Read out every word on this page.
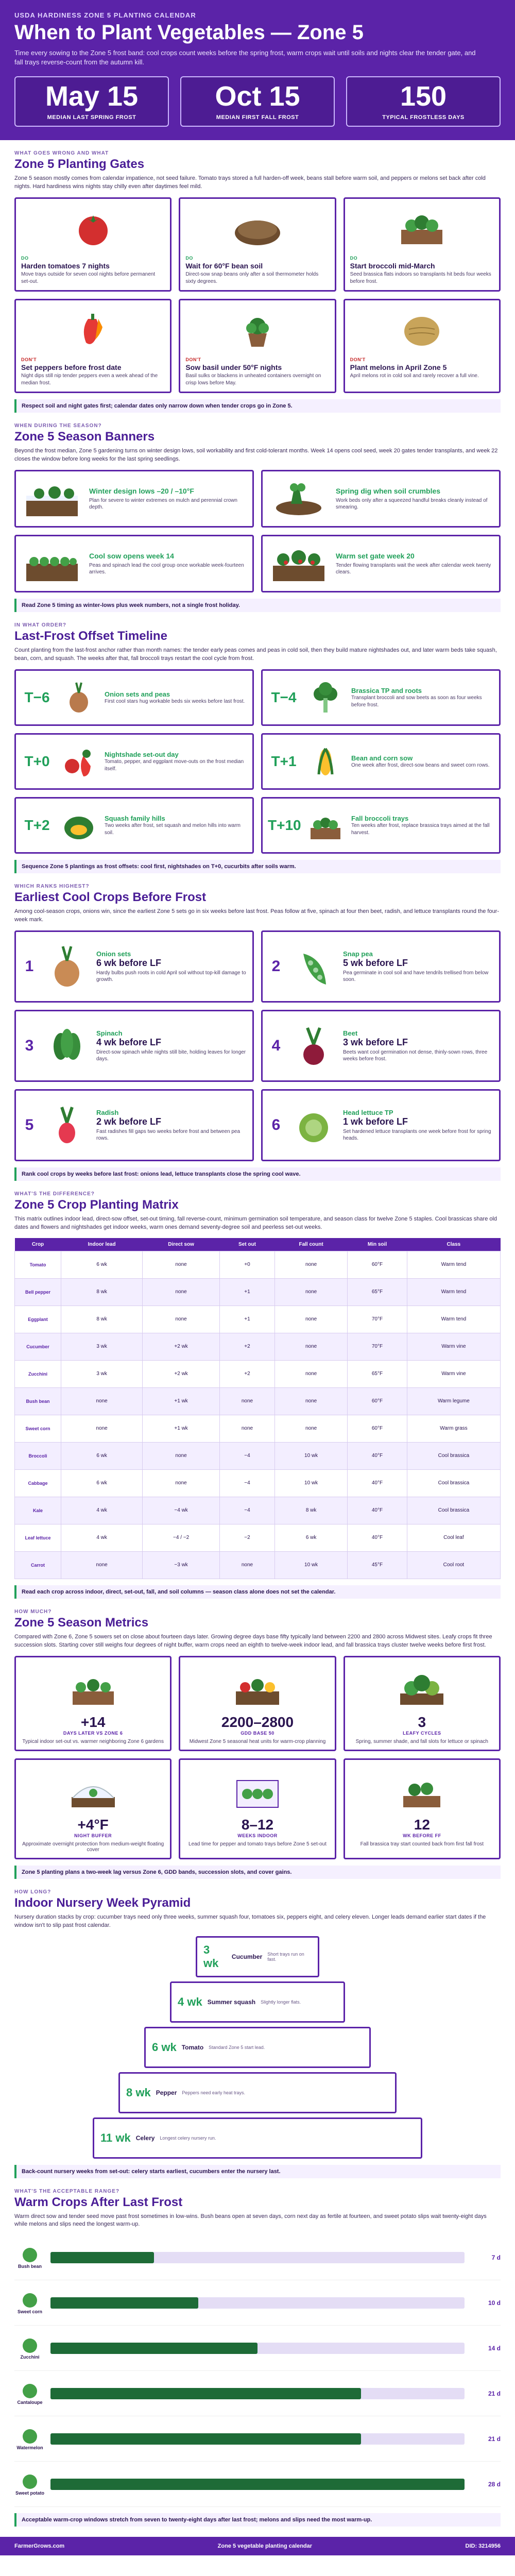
USDA HARDINESS ZONE 5 PLANTING CALENDAR
When to Plant Vegetables — Zone 5

Time every sowing to the Zone 5 frost band: cool crops count weeks before the spring frost, warm crops wait until soils and nights clear the tender gate, and fall trays reverse-count from the autumn kill.

May 15
MEDIAN LAST SPRING FROST
Oct 15
MEDIAN FIRST FALL FROST
150
TYPICAL FROSTLESS DAYS
WHAT GOES WRONG AND WHAT
Zone 5 Planting Gates
Zone 5 season mostly comes from calendar impatience, not seed failure. Tomato trays stored a full harden-off week, beans stall before warm soil, and peppers or melons set back after cold nights. Hard hardiness wins nights stay chilly even after daytimes feel mild.
DO
Harden tomatoes 7 nights
Move trays outside for seven cool nights before permanent set-out.
DO
Wait for 60°F bean soil
Direct-sow snap beans only after a soil thermometer holds sixty degrees.
DO
Start broccoli mid-March
Seed brassica flats indoors so transplants hit beds four weeks before frost.
DON'T
Set peppers before frost date
Night dips still nip tender peppers even a week ahead of the median frost.
DON'T
Sow basil under 50°F nights
Basil sulks or blackens in unheated containers overnight on crisp lows before May.
DON'T
Plant melons in April Zone 5
April melons rot in cold soil and rarely recover a full vine.
Respect soil and night gates first; calendar dates only narrow down when tender crops go in Zone 5.
WHEN DURING THE SEASON?
Zone 5 Season Banners
Beyond the frost median, Zone 5 gardening turns on winter design lows, soil workability and first cold-tolerant months. Week 14 opens cool seed, week 20 gates tender transplants, and week 22 closes the window before long weeks for the last spring seedlings.
Winter design lows –20 / –10°F
Plan for severe to winter extremes on mulch and perennial crown depth.
Spring dig when soil crumbles
Work beds only after a squeezed handful breaks cleanly instead of smearing.
Cool sow opens week 14
Peas and spinach lead the cool group once workable week-fourteen arrives.
Warm set gate week 20
Tender flowing transplants wait the week after calendar week twenty clears.
Read Zone 5 timing as winter-lows plus week numbers, not a single frost holiday.
IN WHAT ORDER?
Last-Frost Offset Timeline
Count planting from the last-frost anchor rather than month names: the tender early peas comes and peas in cold soil, then they build mature nightshades out, and later warm beds take squash, bean, corn, and squash. The weeks after that, fall broccoli trays restart the cool cycle from frost.
T−6	Onion sets and peas
First cool stars hug workable beds six weeks before last frost. T−4	Brassica TP and roots
Transplant broccoli and sow beets as soon as four weeks before frost.
T+0	Nightshade set-out day
Tomato, pepper, and eggplant move-outs on the frost median itself.	T+1	Bean and corn sow
One week after frost, direct-sow beans and sweet corn rows.
T+2	Squash family hills
Two weeks after frost, set squash and melon hills into warm soil.	T+10	Fall broccoli trays
Ten weeks after frost, replace brassica trays aimed at the fall harvest.
Sequence Zone 5 plantings as frost offsets: cool first, nightshades on T+0, cucurbits after soils warm.
WHICH RANKS HIGHEST?
Earliest Cool Crops Before Frost
Among cool-season crops, onions win, since the earliest Zone 5 sets go in six weeks before last frost. Peas follow at five, spinach at four then beet, radish, and lettuce transplants round the four-week mark.
1
Onion sets
6 wk before LF
Hardy bulbs push roots in cold April soil without top-kill damage to growth.
2
Snap pea
5 wk before LF
Pea germinate in cool soil and have tendrils trellised from below soon.
3
Spinach
4 wk before LF
Direct-sow spinach while nights still bite, holding leaves for longer days.
4
Beet
3 wk before LF
Beets want cool germination not dense, thinly-sown rows, three weeks before frost.
5
Radish
2 wk before LF
Fast radishes fill gaps two weeks before frost and between pea rows.
6
Head lettuce TP
1 wk before LF
Set hardened lettuce transplants one week before frost for spring heads.
Rank cool crops by weeks before last frost: onions lead, lettuce transplants close the spring cool wave.
WHAT'S THE DIFFERENCE?
Zone 5 Crop Planting Matrix
This matrix outlines indoor lead, direct-sow offset, set-out timing, fall reverse-count, minimum germination soil temperature, and season class for twelve Zone 5 staples. Cool brassicas share old dates and flowers and nightshades get indoor weeks, warm ones demand seventy-degree soil and peerless set-out weeks.
Crop	Indoor lead	Direct sow	Set out	Fall count	Min soil	Class
Tomato	6 wk	none	+0	none	60°F	Warm tend
Bell pepper	8 wk	none	+1	none	65°F	Warm tend
Eggplant	8 wk	none	+1	none	70°F	Warm tend
Cucumber	3 wk	+2 wk	+2	none	70°F	Warm vine
Zucchini	3 wk	+2 wk	+2	none	65°F	Warm vine
Bush bean	none	+1 wk	none	none	60°F	Warm legume
Sweet corn	none	+1 wk	none	none	60°F	Warm grass
Broccoli	6 wk	none	−4	10 wk	40°F	Cool brassica
Cabbage	6 wk	none	−4	10 wk	40°F	Cool brassica
Kale	4 wk	−4 wk	−4	8 wk	40°F	Cool brassica
Leaf lettuce	4 wk	−4 / −2	−2	6 wk	40°F	Cool leaf
Carrot	none	−3 wk	none	10 wk	45°F	Cool root
Read each crop across indoor, direct, set-out, fall, and soil columns — season class alone does not set the calendar.
HOW MUCH?
Zone 5 Season Metrics
Compared with Zone 6, Zone 5 sowers set on close about fourteen days later. Growing degree days base fifty typically land between 2200 and 2800 across Midwest sites. Leafy crops fit three succession slots. Starting cover still weighs four degrees of night buffer, warm crops need an eighth to twelve-week indoor lead, and fall brassica trays cluster twelve weeks before first frost.
+14
DAYS LATER VS ZONE 6
Typical indoor set-out vs. warmer neighboring Zone 6 gardens
2200–2800
GDD BASE 50
Midwest Zone 5 seasonal heat units for warm-crop planning
3
LEAFY CYCLES
Spring, summer shade, and fall slots for lettuce or spinach
+4°F
NIGHT BUFFER
Approximate overnight protection from medium-weight floating cover
8–12
WEEKS INDOOR
Lead time for pepper and tomato trays before Zone 5 set-out
12
WK BEFORE FF
Fall brassica tray start counted back from first fall frost
Zone 5 planting plans a two-week lag versus Zone 6, GDD bands, succession slots, and cover gains.
HOW LONG?
Indoor Nursery Week Pyramid
Nursery duration stacks by crop: cucumber trays need only three weeks, summer squash four, tomatoes six, peppers eight, and celery eleven. Longer leads demand earlier start dates if the window isn't to slip past frost calendar.
3 wk	Cucumber Short trays run on fast.
4 wk Summer squash Slightly longer flats.
6 wk Tomato Standard Zone 5 start lead.
8 wk Pepper Peppers need early heat trays.
11 wk Celery Longest celery nursery run.
Back-count nursery weeks from set-out: celery starts earliest, cucumbers enter the nursery last.
WHAT'S THE ACCEPTABLE RANGE?
Warm Crops After Last Frost
Warm direct sow and tender seed move past frost sometimes in low-wins. Bush beans open at seven days, corn next day as fertile at fourteen, and sweet potato slips wait twenty-eight days while melons and slips need the longest warm-up.
Bush bean
7 d
Sweet corn
10 d
Zucchini
14 d
Cantaloupe
21 d
Watermelon
21 d
Sweet potato
28 d
Acceptable warm-crop windows stretch from seven to twenty-eight days after last frost; melons and slips need the most warm-up.
FarmerGrows.com	Zone 5 vegetable planting calendar	DID: 3214956
